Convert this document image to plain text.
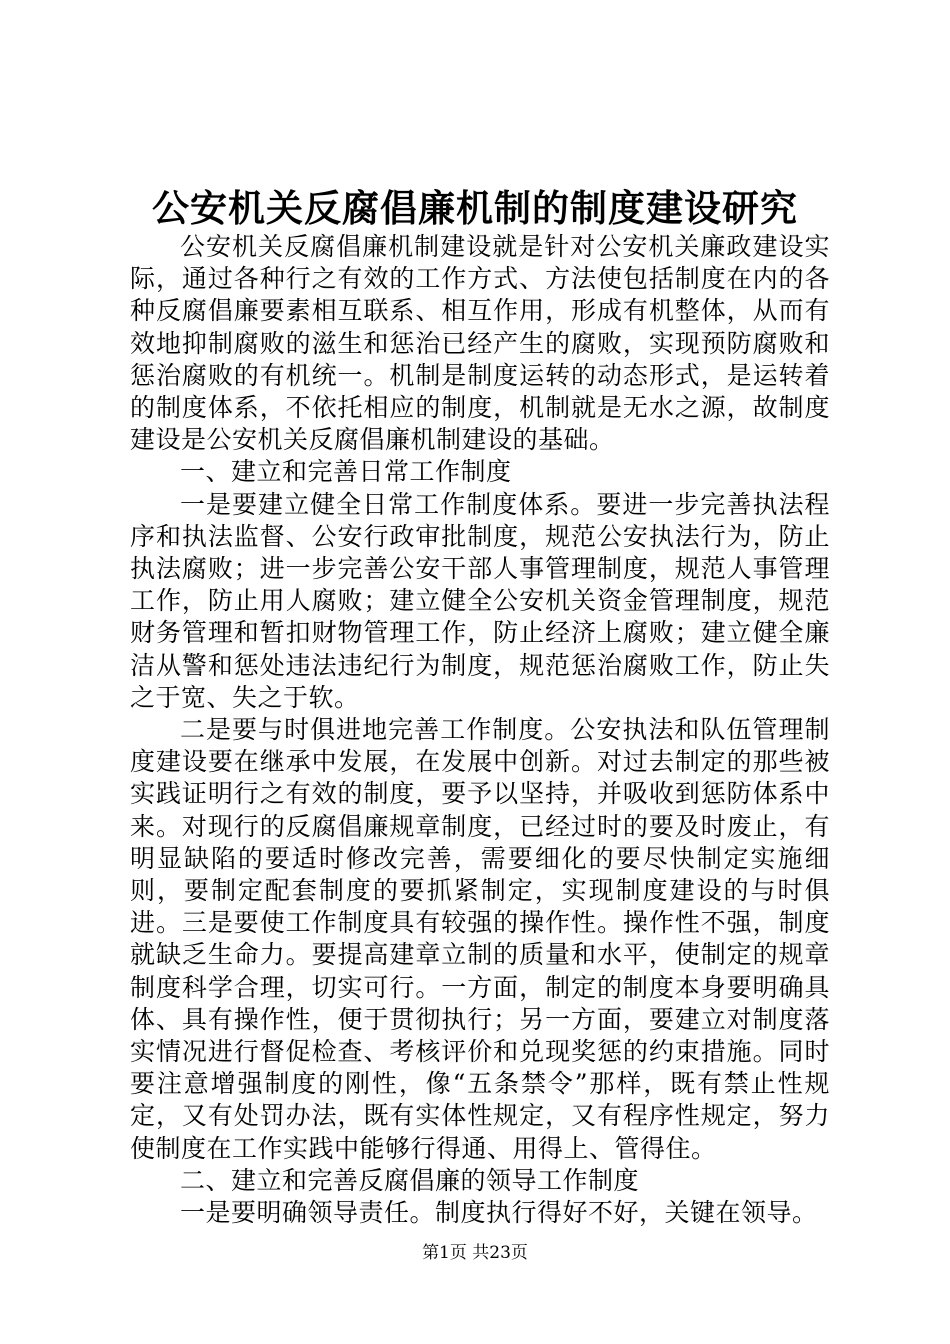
公安机关反腐倡廉机制的制度建设研究

公安机关反腐倡廉机制建设就是针对公安机关廉政建设实际，通过各种行之有效的工作方式、方法使包括制度在内的各种反腐倡廉要素相互联系、相互作用，形成有机整体，从而有效地抑制腐败的滋生和惩治已经产生的腐败，实现预防腐败和惩治腐败的有机统一。机制是制度运转的动态形式，是运转着的制度体系，不依托相应的制度，机制就是无水之源，故制度建设是公安机关反腐倡廉机制建设的基础。

一、建立和完善日常工作制度

一是要建立健全日常工作制度体系。要进一步完善执法程序和执法监督、公安行政审批制度，规范公安执法行为，防止执法腐败；进一步完善公安干部人事管理制度，规范人事管理工作，防止用人腐败；建立健全公安机关资金管理制度，规范财务管理和暂扣财物管理工作，防止经济上腐败；建立健全廉洁从警和惩处违法违纪行为制度，规范惩治腐败工作，防止失之于宽、失之于软。

二是要与时俱进地完善工作制度。公安执法和队伍管理制度建设要在继承中发展，在发展中创新。对过去制定的那些被实践证明行之有效的制度，要予以坚持，并吸收到惩防体系中来。对现行的反腐倡廉规章制度，已经过时的要及时废止，有明显缺陷的要适时修改完善，需要细化的要尽快制定实施细则，要制定配套制度的要抓紧制定，实现制度建设的与时俱进。三是要使工作制度具有较强的操作性。操作性不强，制度就缺乏生命力。要提高建章立制的质量和水平，使制定的规章制度科学合理，切实可行。一方面，制定的制度本身要明确具体、具有操作性，便于贯彻执行；另一方面，要建立对制度落实情况进行督促检查、考核评价和兑现奖惩的约束措施。同时要注意增强制度的刚性，像“五条禁令”那样，既有禁止性规定，又有处罚办法，既有实体性规定，又有程序性规定，努力使制度在工作实践中能够行得通、用得上、管得住。

二、建立和完善反腐倡廉的领导工作制度

一是要明确领导责任。制度执行得好不好，关键在领导。

第1页 共23页
